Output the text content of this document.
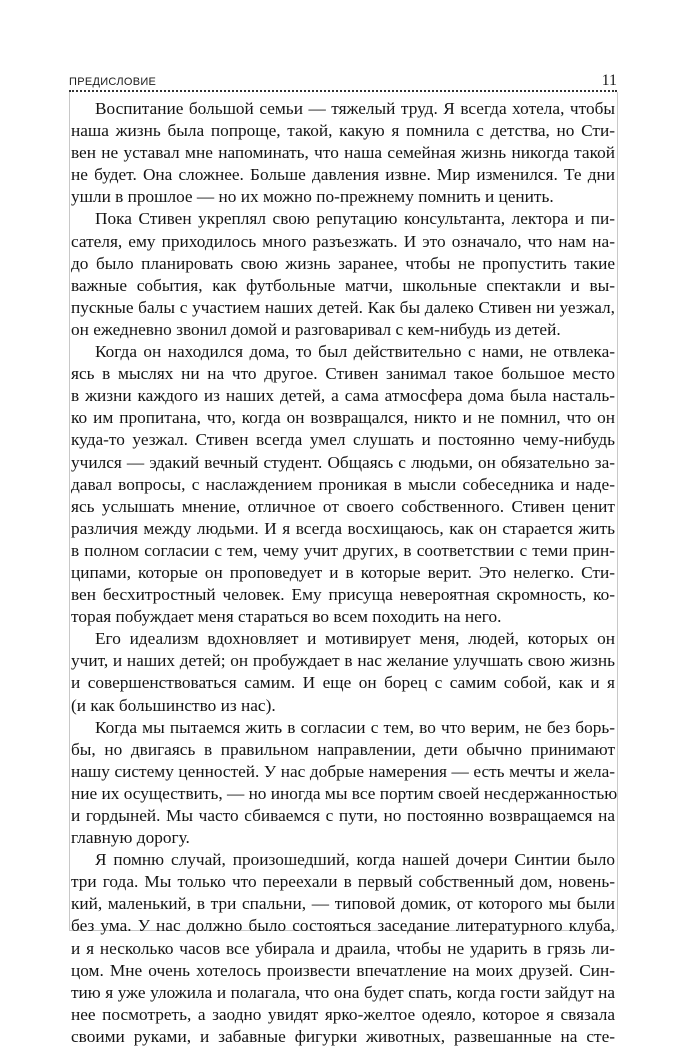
ПРЕДИСЛОВИЕ	11
Воспитание большой семьи — тяжелый труд. Я всегда хотела, чтобы
наша жизнь была попроще, такой, какую я помнила с детства, но Сти-
вен не уставал мне напоминать, что наша семейная жизнь никогда такой
не будет. Она сложнее. Больше давления извне. Мир изменился. Те дни
ушли в прошлое — но их можно по-прежнему помнить и ценить.
Пока Стивен укреплял свою репутацию консультанта, лектора и пи-
сателя, ему приходилось много разъезжать. И это означало, что нам на-
до было планировать свою жизнь заранее, чтобы не пропустить такие
важные события, как футбольные матчи, школьные спектакли и вы-
пускные балы с участием наших детей. Как бы далеко Стивен ни уезжал,
он ежедневно звонил домой и разговаривал с кем-нибудь из детей.
Когда он находился дома, то был действительно с нами, не отвлека-
ясь в мыслях ни на что другое. Стивен занимал такое большое место
в жизни каждого из наших детей, а сама атмосфера дома была насталь-
ко им пропитана, что, когда он возвращался, никто и не помнил, что он
куда-то уезжал. Стивен всегда умел слушать и постоянно чему-нибудь
учился — эдакий вечный студент. Общаясь с людьми, он обязательно за-
давал вопросы, с наслаждением проникая в мысли собеседника и наде-
ясь услышать мнение, отличное от своего собственного. Стивен ценит
различия между людьми. И я всегда восхищаюсь, как он старается жить
в полном согласии с тем, чему учит других, в соответствии с теми прин-
ципами, которые он проповедует и в которые верит. Это нелегко. Сти-
вен бесхитростный человек. Ему присуща невероятная скромность, ко-
торая побуждает меня стараться во всем походить на него.
Его идеализм вдохновляет и мотивирует меня, людей, которых он
учит, и наших детей; он пробуждает в нас желание улучшать свою жизнь
и совершенствоваться самим. И еще он борец с самим собой, как и я
(и как большинство из нас).
Когда мы пытаемся жить в согласии с тем, во что верим, не без борь-
бы, но двигаясь в правильном направлении, дети обычно принимают
нашу систему ценностей. У нас добрые намерения — есть мечты и жела-
ние их осуществить, — но иногда мы все портим своей несдержанностью
и гордыней. Мы часто сбиваемся с пути, но постоянно возвращаемся на
главную дорогу.
Я помню случай, произошедший, когда нашей дочери Синтии было
три года. Мы только что переехали в первый собственный дом, новень-
кий, маленький, в три спальни, — типовой домик, от которого мы были
без ума. У нас должно было состояться заседание литературного клуба,
и я несколько часов все убирала и драила, чтобы не ударить в грязь ли-
цом. Мне очень хотелось произвести впечатление на моих друзей. Син-
тию я уже уложила и полагала, что она будет спать, когда гости зайдут на
нее посмотреть, а заодно увидят ярко-желтое одеяло, которое я связала
своими руками, и забавные фигурки животных, развешанные на сте-
